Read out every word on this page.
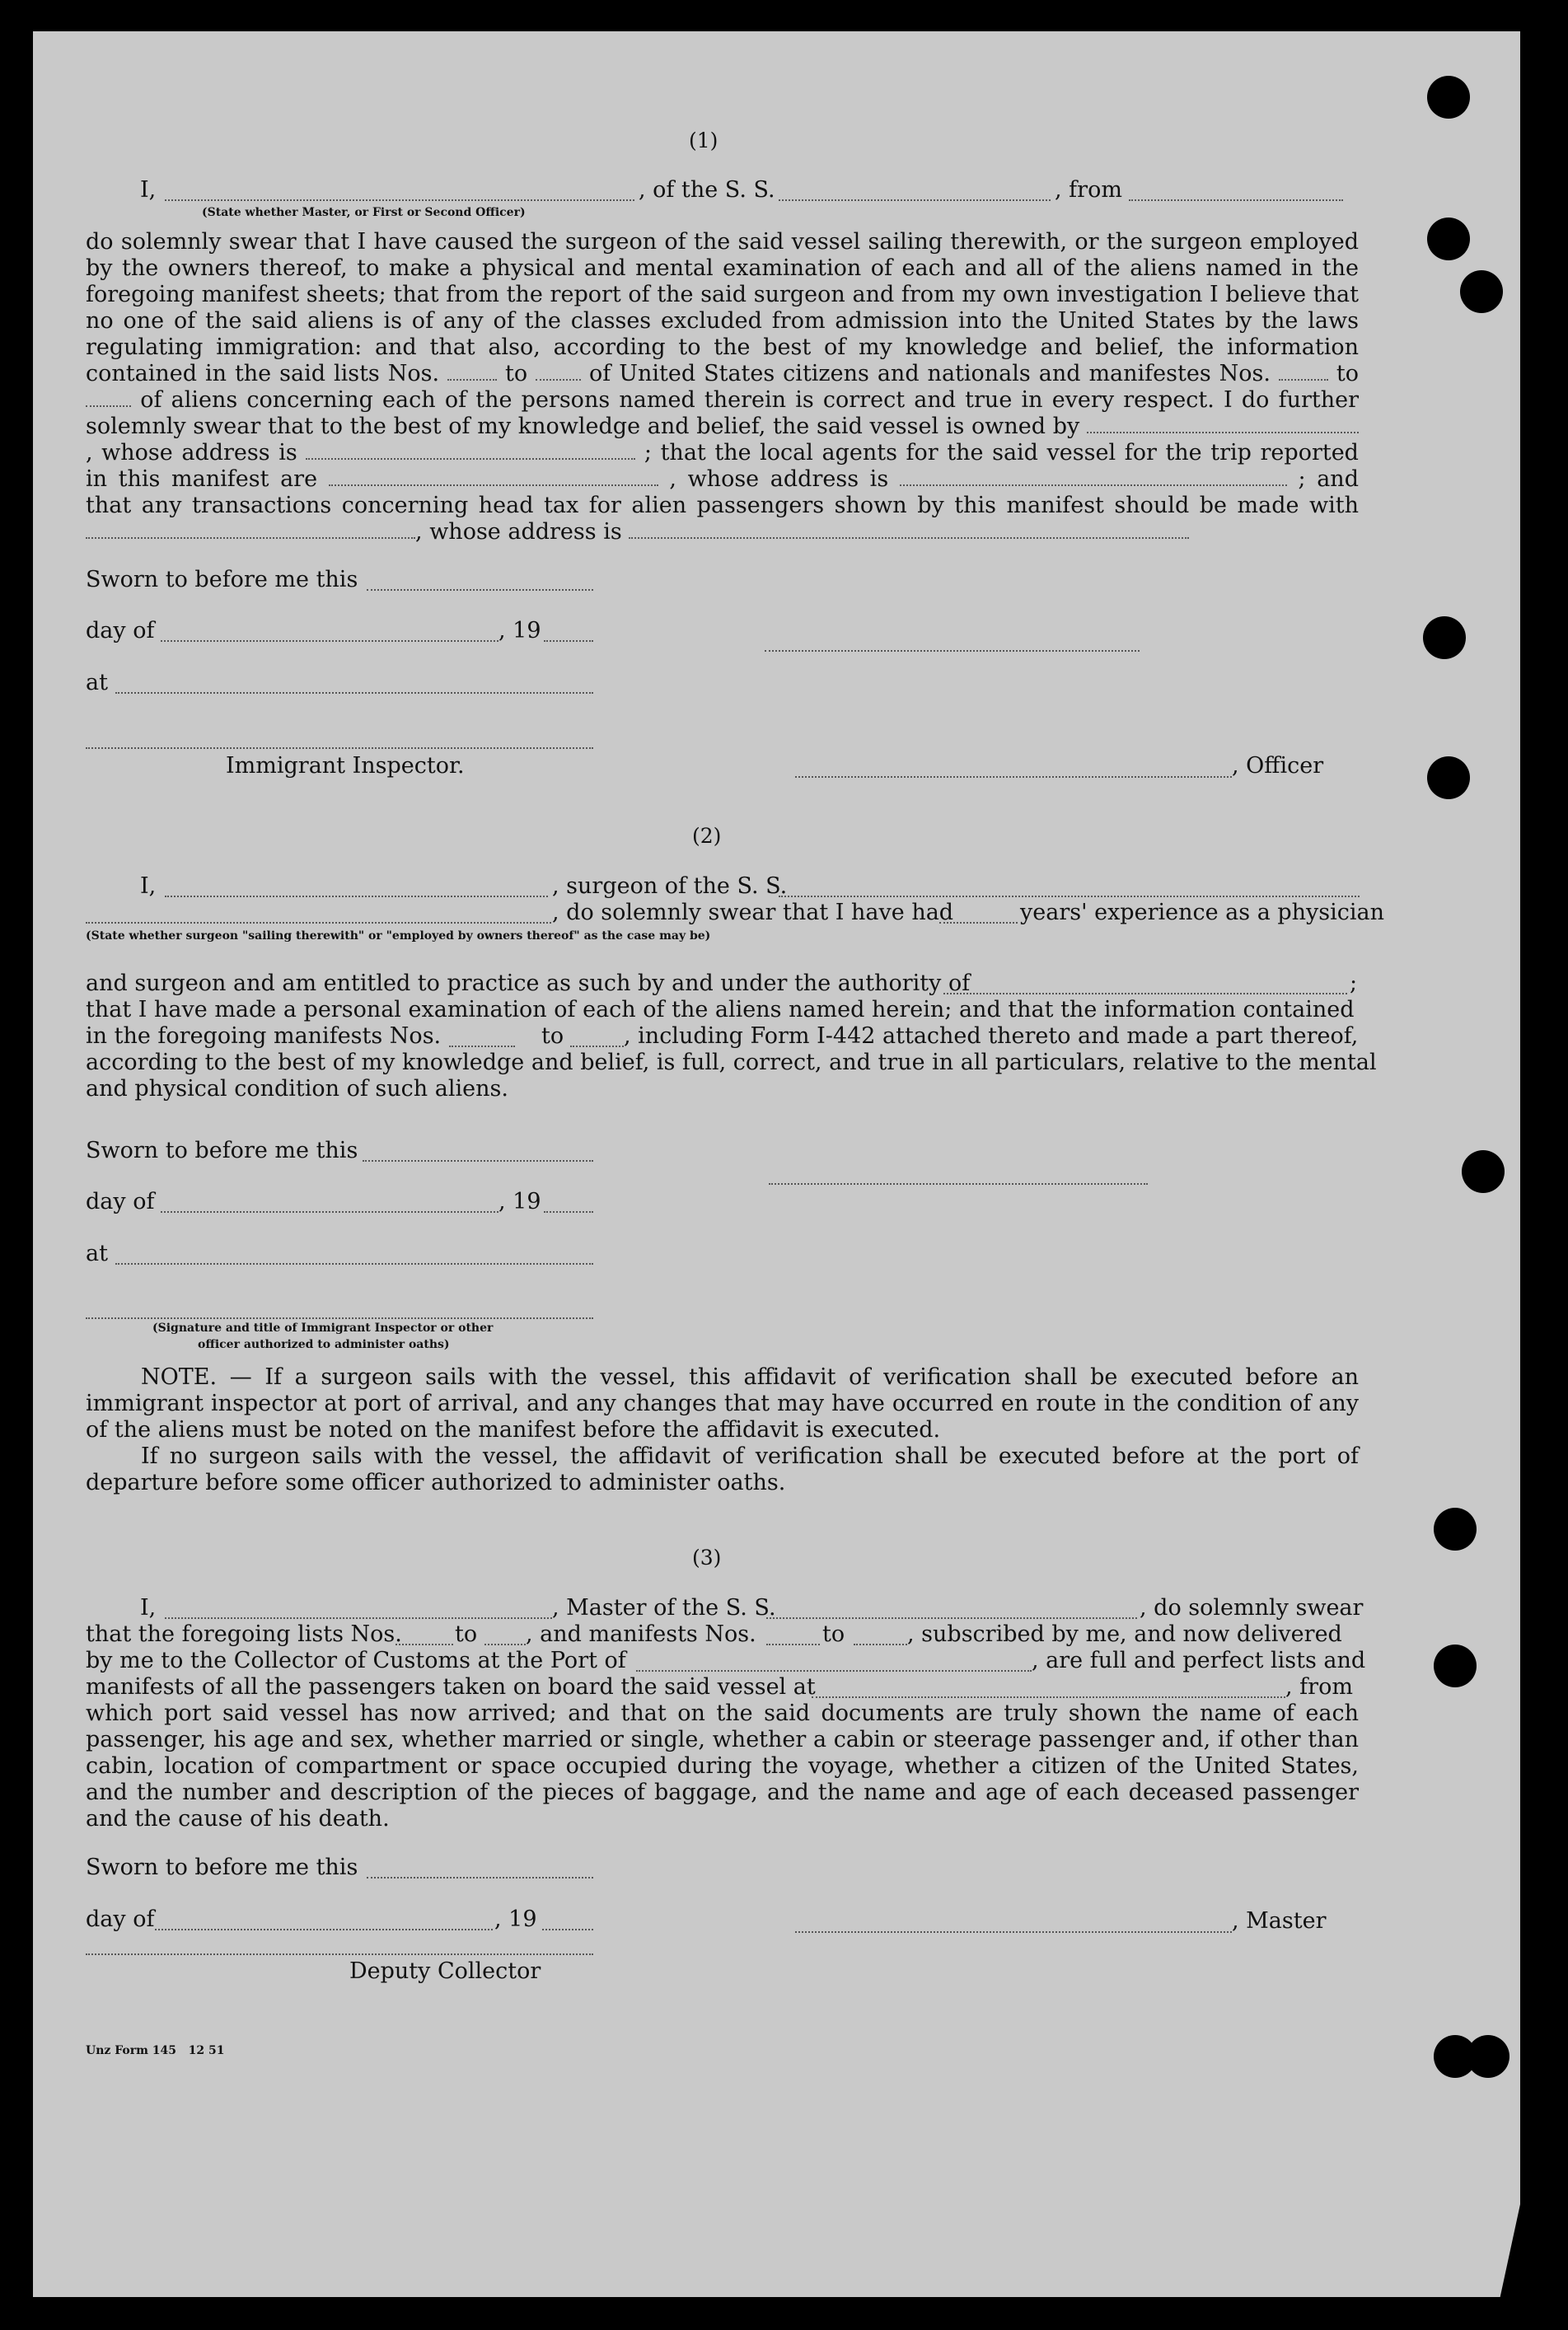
(1)
I,	, of the S. S.	, from
(State whether Master, or First or Second Officer)
do solemnly swear that I have caused the surgeon of the said vessel sailing therewith, or the surgeon employed by the owners thereof, to make a physical and mental examination of each and all of the aliens named in the foregoing manifest sheets; that from the report of the said surgeon and from my own investigation I believe that no one of the said aliens is of any of the classes excluded from admission into the United States by the laws regulating immigration: and that also, according to the best of my knowledge and belief, the information contained in the said lists Nos.	to	of United States citizens and nationals and manifestes Nos.	to  of aliens concerning each of the persons named therein is correct and true in every respect. I do further solemnly swear that to the best of my knowledge and belief, the said vessel is owned by  , whose address is	; that the local agents for the said vessel for the trip reported in this manifest are	, whose address is	; and that any transactions concerning head tax for alien passengers shown by this manifest should be made with , whose address is
Sworn to before me this
day of	, 19
at
Immigrant Inspector.	, Officer
(2)
I,	, surgeon of the S. S.
, do solemnly swear that I have had	years' experience as a physician
(State whether surgeon "sailing therewith" or "employed by owners thereof" as the case may be)
and surgeon and am entitled to practice as such by and under the authority of	;
that I have made a personal examination of each of the aliens named herein; and that the information contained
in the foregoing manifests Nos.	to	, including Form I-442 attached thereto and made a part thereof,
according to the best of my knowledge and belief, is full, correct, and true in all particulars, relative to the mental
and physical condition of such aliens.
Sworn to before me this
day of	, 19
at
(Signature and title of Immigrant Inspector or other
officer authorized to administer oaths)
NOTE. — If a surgeon sails with the vessel, this affidavit of verification shall be executed before an immigrant inspector at port of arrival, and any changes that may have occurred en route in the condition of any of the aliens must be noted on the manifest before the affidavit is executed.
If no surgeon sails with the vessel, the affidavit of verification shall be executed before at the port of departure before some officer authorized to administer oaths.
(3)
I,	, Master of the S. S.	, do solemnly swear
that the foregoing lists Nos. to , and manifests Nos.	to	, subscribed by me, and now delivered
by me to the Collector of Customs at the Port of	, are full and perfect lists and
manifests of all the passengers taken on board the said vessel at	, from
which port said vessel has now arrived; and that on the said documents are truly shown the name of each passenger, his age and sex, whether married or single, whether a cabin or steerage passenger and, if other than cabin, location of compartment or space occupied during the voyage, whether a citizen of the United States, and the number and description of the pieces of baggage, and the name and age of each deceased passenger and the cause of his death.
Sworn to before me this
day of	, 19	, Master
Deputy Collector
Unz Form 145   12 51
